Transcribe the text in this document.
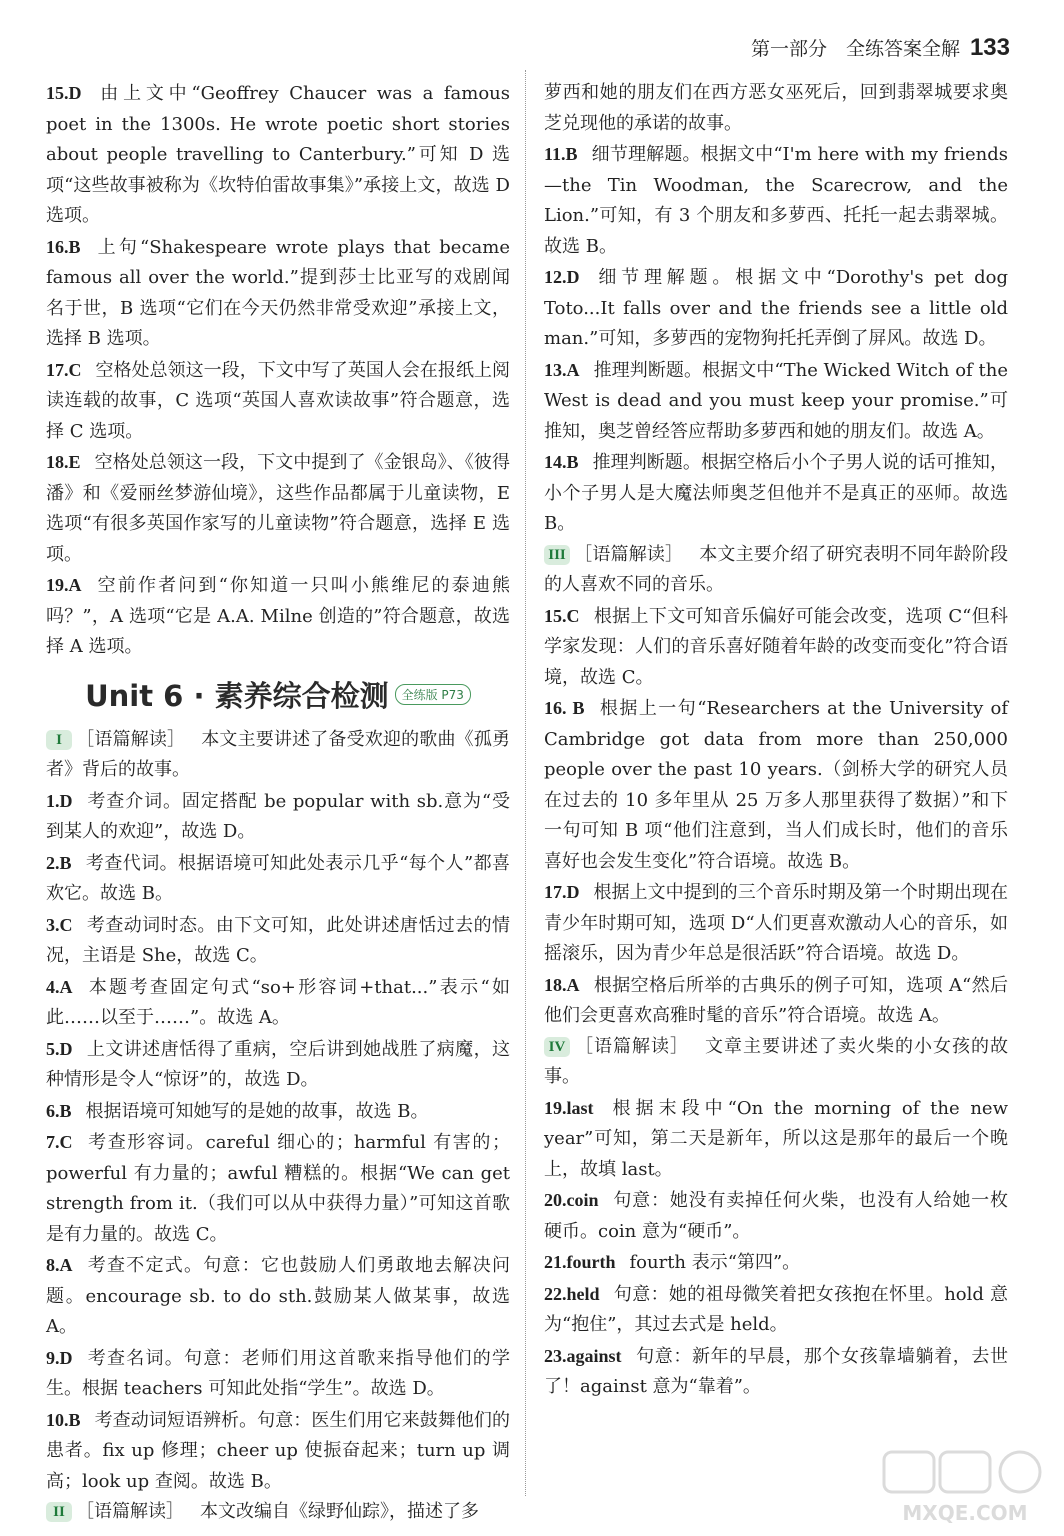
第一部分　全练答案全解 133

15.D 由上文中“Geoffrey Chaucer was a famous poet in the 1300s. He wrote poetic short stories about people travelling to Canterbury.”可知 D 选项“这些故事被称为《坎特伯雷故事集》”承接上文，故选 D 选项。

16.B 上句“Shakespeare wrote plays that became famous all over the world.”提到莎士比亚写的戏剧闻名于世，B 选项“它们在今天仍然非常受欢迎”承接上文，选择 B 选项。

17.C 空格处总领这一段，下文中写了英国人会在报纸上阅读连载的故事，C 选项“英国人喜欢读故事”符合题意，选择 C 选项。

18.E 空格处总领这一段，下文中提到了《金银岛》、《彼得潘》和《爱丽丝梦游仙境》，这些作品都属于儿童读物，E 选项“有很多英国作家写的儿童读物”符合题意，选择 E 选项。

19.A 空前作者问到“你知道一只叫小熊维尼的泰迪熊吗？”，A 选项“它是 A.A. Milne 创造的”符合题意，故选择 A 选项。

Unit 6 · 素养综合检测	全练版 P73

I ［语篇解读］ 本文主要讲述了备受欢迎的歌曲《孤勇者》背后的故事。

1.D 考查介词。固定搭配 be popular with sb.意为“受到某人的欢迎”，故选 D。

2.B 考查代词。根据语境可知此处表示几乎“每个人”都喜欢它。故选 B。

3.C 考查动词时态。由下文可知，此处讲述唐恬过去的情况，主语是 She，故选 C。

4.A 本题考查固定句式“so+形容词+that...”表示“如此……以至于……”。故选 A。

5.D 上文讲述唐恬得了重病，空后讲到她战胜了病魔，这种情形是令人“惊讶”的，故选 D。

6.B 根据语境可知她写的是她的故事，故选 B。

7.C 考查形容词。careful 细心的；harmful 有害的；powerful 有力量的；awful 糟糕的。根据“We can get strength from it.（我们可以从中获得力量）”可知这首歌是有力量的。故选 C。

8.A 考查不定式。句意：它也鼓励人们勇敢地去解决问题。encourage sb. to do sth.鼓励某人做某事，故选 A。

9.D 考查名词。句意：老师们用这首歌来指导他们的学生。根据 teachers 可知此处指“学生”。故选 D。

10.B 考查动词短语辨析。句意：医生们用它来鼓舞他们的患者。fix up 修理；cheer up 使振奋起来；turn up 调高；look up 查阅。故选 B。

II ［语篇解读］ 本文改编自《绿野仙踪》，描述了多

萝西和她的朋友们在西方恶女巫死后，回到翡翠城要求奥芝兑现他的承诺的故事。

11.B 细节理解题。根据文中“I'm here with my friends—the Tin Woodman, the Scarecrow, and the Lion.”可知，有 3 个朋友和多萝西、托托一起去翡翠城。故选 B。

12.D 细节理解题。根据文中“Dorothy's pet dog Toto...It falls over and the friends see a little old man.”可知，多萝西的宠物狗托托弄倒了屏风。故选 D。

13.A 推理判断题。根据文中“The Wicked Witch of the West is dead and you must keep your promise.”可推知，奥芝曾经答应帮助多萝西和她的朋友们。故选 A。

14.B 推理判断题。根据空格后小个子男人说的话可推知，小个子男人是大魔法师奥芝但他并不是真正的巫师。故选 B。

III ［语篇解读］ 本文主要介绍了研究表明不同年龄阶段的人喜欢不同的音乐。

15.C 根据上下文可知音乐偏好可能会改变，选项 C“但科学家发现：人们的音乐喜好随着年龄的改变而变化”符合语境，故选 C。

16. B 根据上一句“Researchers at the University of Cambridge got data from more than 250,000 people over the past 10 years.（剑桥大学的研究人员在过去的 10 多年里从 25 万多人那里获得了数据）”和下一句可知 B 项“他们注意到，当人们成长时，他们的音乐喜好也会发生变化”符合语境。故选 B。

17.D 根据上文中提到的三个音乐时期及第一个时期出现在青少年时期可知，选项 D“人们更喜欢激动人心的音乐，如摇滚乐，因为青少年总是很活跃”符合语境。故选 D。

18.A 根据空格后所举的古典乐的例子可知，选项 A“然后他们会更喜欢高雅时髦的音乐”符合语境。故选 A。

IV ［语篇解读］ 文章主要讲述了卖火柴的小女孩的故事。

19.last 根据末段中“On the morning of the new year”可知，第二天是新年，所以这是那年的最后一个晚上，故填 last。

20.coin 句意：她没有卖掉任何火柴，也没有人给她一枚硬币。coin 意为“硬币”。

21.fourth fourth 表示“第四”。

22.held 句意：她的祖母微笑着把女孩抱在怀里。hold 意为“抱住”，其过去式是 held。

23.against 句意：新年的早晨，那个女孩靠墙躺着，去世了！against 意为“靠着”。

MXQE.COM
